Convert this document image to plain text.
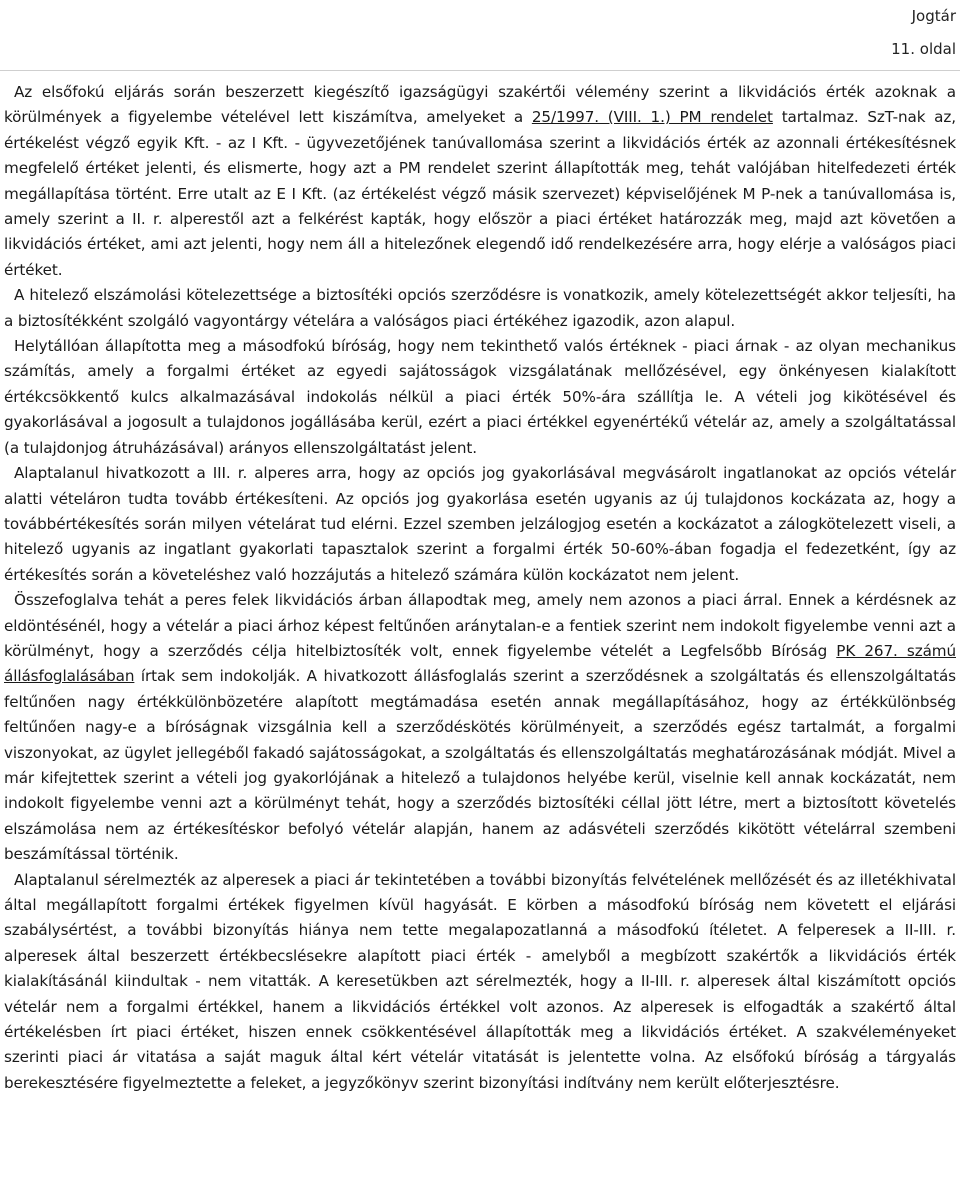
Jogtár
11. oldal

Az elsőfokú eljárás során beszerzett kiegészítő igazságügyi szakértői vélemény szerint a likvidációs érték azoknak a körülmények a figyelembe vételével lett kiszámítva, amelyeket a 25/1997. (VIII. 1.) PM rendelet tartalmaz. SzT-nak az, értékelést végző egyik Kft. - az I Kft. - ügyvezetőjének tanúvallomása szerint a likvidációs érték az azonnali értékesítésnek megfelelő értéket jelenti, és elismerte, hogy azt a PM rendelet szerint állapították meg, tehát valójában hitelfedezeti érték megállapítása történt. Erre utalt az E I Kft. (az értékelést végző másik szervezet) képviselőjének M P-nek a tanúvallomása is, amely szerint a II. r. alperestől azt a felkérést kapták, hogy először a piaci értéket határozzák meg, majd azt követően a likvidációs értéket, ami azt jelenti, hogy nem áll a hitelezőnek elegendő idő rendelkezésére arra, hogy elérje a valóságos piaci értéket.

A hitelező elszámolási kötelezettsége a biztosítéki opciós szerződésre is vonatkozik, amely kötelezettségét akkor teljesíti, ha a biztosítékként szolgáló vagyontárgy vételára a valóságos piaci értékéhez igazodik, azon alapul.

Helytállóan állapította meg a másodfokú bíróság, hogy nem tekinthető valós értéknek - piaci árnak - az olyan mechanikus számítás, amely a forgalmi értéket az egyedi sajátosságok vizsgálatának mellőzésével, egy önkényesen kialakított értékcsökkentő kulcs alkalmazásával indokolás nélkül a piaci érték 50%-ára szállítja le. A vételi jog kikötésével és gyakorlásával a jogosult a tulajdonos jogállásába kerül, ezért a piaci értékkel egyenértékű vételár az, amely a szolgáltatással (a tulajdonjog átruházásával) arányos ellenszolgáltatást jelent.

Alaptalanul hivatkozott a III. r. alperes arra, hogy az opciós jog gyakorlásával megvásárolt ingatlanokat az opciós vételár alatti vételáron tudta tovább értékesíteni. Az opciós jog gyakorlása esetén ugyanis az új tulajdonos kockázata az, hogy a továbbértékesítés során milyen vételárat tud elérni. Ezzel szemben jelzálogjog esetén a kockázatot a zálogkötelezett viseli, a hitelező ugyanis az ingatlant gyakorlati tapasztalok szerint a forgalmi érték 50-60%-ában fogadja el fedezetként, így az értékesítés során a követeléshez való hozzájutás a hitelező számára külön kockázatot nem jelent.

Összefoglalva tehát a peres felek likvidációs árban állapodtak meg, amely nem azonos a piaci árral. Ennek a kérdésnek az eldöntésénél, hogy a vételár a piaci árhoz képest feltűnően aránytalan-e a fentiek szerint nem indokolt figyelembe venni azt a körülményt, hogy a szerződés célja hitelbiztosíték volt, ennek figyelembe vételét a Legfelsőbb Bíróság PK 267. számú állásfoglalásában írtak sem indokolják. A hivatkozott állásfoglalás szerint a szerződésnek a szolgáltatás és ellenszolgáltatás feltűnően nagy értékkülönbözetére alapított megtámadása esetén annak megállapításához, hogy az értékkülönbség feltűnően nagy-e a bíróságnak vizsgálnia kell a szerződéskötés körülményeit, a szerződés egész tartalmát, a forgalmi viszonyokat, az ügylet jellegéből fakadó sajátosságokat, a szolgáltatás és ellenszolgáltatás meghatározásának módját. Mivel a már kifejtettek szerint a vételi jog gyakorlójának a hitelező a tulajdonos helyébe kerül, viselnie kell annak kockázatát, nem indokolt figyelembe venni azt a körülményt tehát, hogy a szerződés biztosítéki céllal jött létre, mert a biztosított követelés elszámolása nem az értékesítéskor befolyó vételár alapján, hanem az adásvételi szerződés kikötött vételárral szembeni beszámítással történik.

Alaptalanul sérelmezték az alperesek a piaci ár tekintetében a további bizonyítás felvételének mellőzését és az illetékhivatal által megállapított forgalmi értékek figyelmen kívül hagyását. E körben a másodfokú bíróság nem követett el eljárási szabálysértést, a további bizonyítás hiánya nem tette megalapozatlanná a másodfokú ítéletet. A felperesek a II-III. r. alperesek által beszerzett értékbecslésekre alapított piaci érték - amelyből a megbízott szakértők a likvidációs érték kialakításánál kiindultak - nem vitatták. A keresetükben azt sérelmezték, hogy a II-III. r. alperesek által kiszámított opciós vételár nem a forgalmi értékkel, hanem a likvidációs értékkel volt azonos. Az alperesek is elfogadták a szakértő által értékelésben írt piaci értéket, hiszen ennek csökkentésével állapították meg a likvidációs értéket. A szakvéleményeket szerinti piaci ár vitatása a saját maguk által kért vételár vitatását is jelentette volna. Az elsőfokú bíróság a tárgyalás berekesztésére figyelmeztette a feleket, a jegyzőkönyv szerint bizonyítási indítvány nem került előterjesztésre.
